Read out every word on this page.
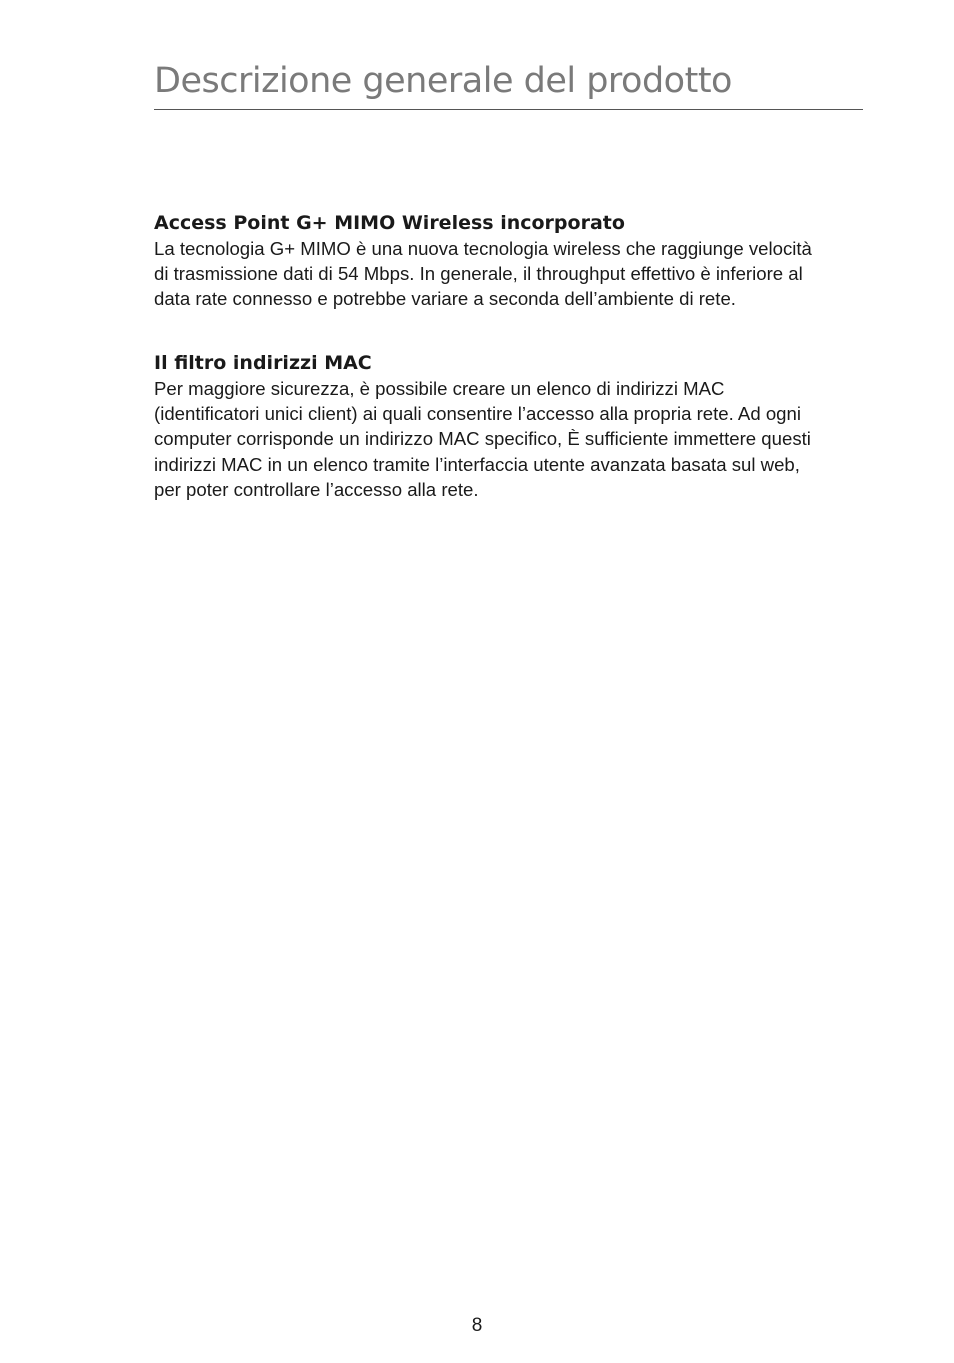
Descrizione generale del prodotto
Access Point G+ MIMO Wireless incorporato

La tecnologia G+ MIMO è una nuova tecnologia wireless che raggiunge velocità
di trasmissione dati di 54 Mbps. In generale, il throughput effettivo è inferiore al
data rate connesso e potrebbe variare a seconda dell’ambiente di rete.

Il filtro indirizzi MAC

Per maggiore sicurezza, è possibile creare un elenco di indirizzi MAC
(identificatori unici client) ai quali consentire l’accesso alla propria rete. Ad ogni
computer corrisponde un indirizzo MAC specifico, È sufficiente immettere questi
indirizzi MAC in un elenco tramite l’interfaccia utente avanzata basata sul web,
per poter controllare l’accesso alla rete.

8
